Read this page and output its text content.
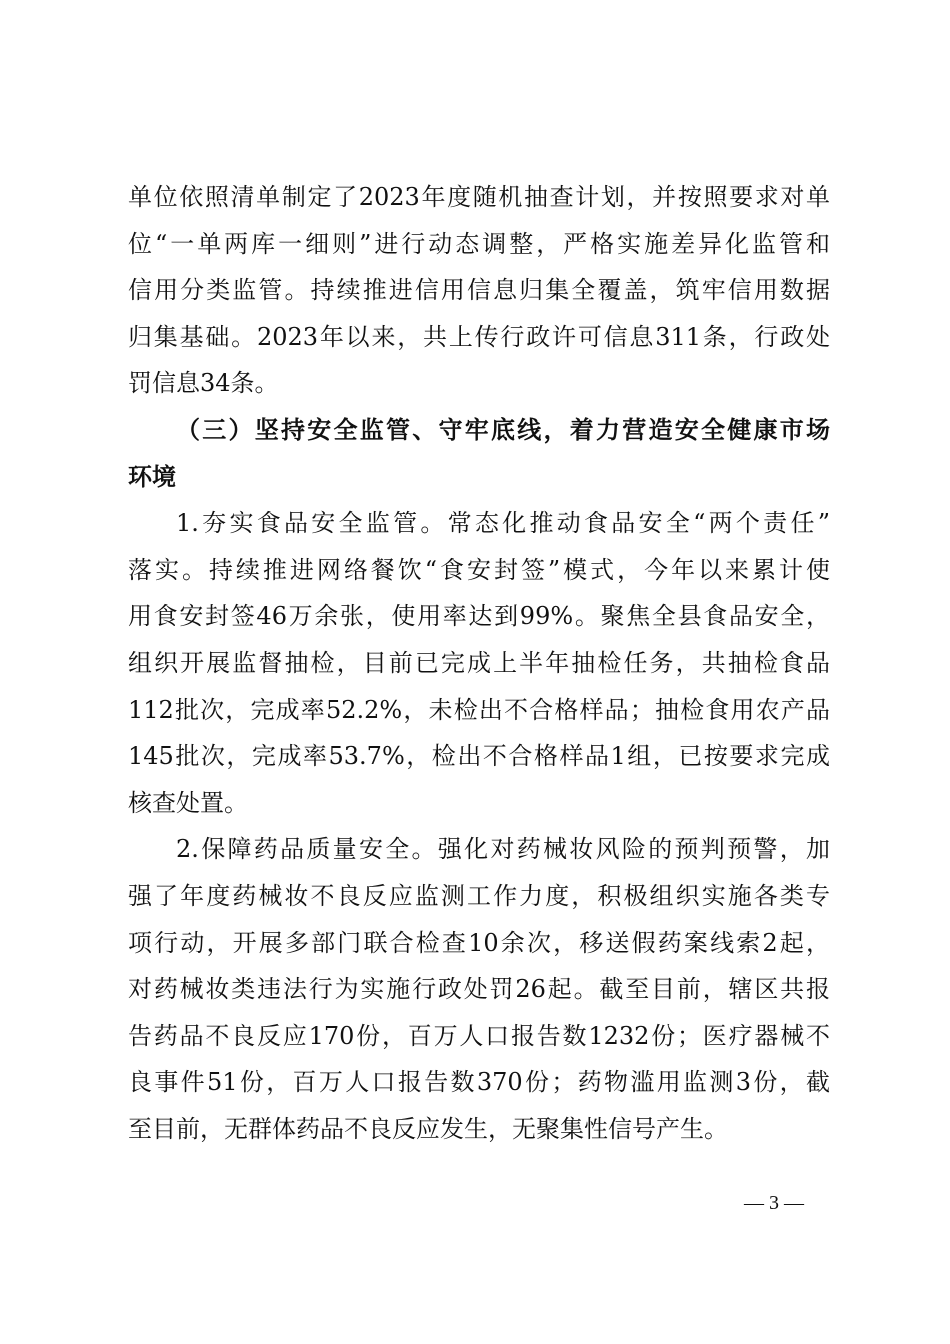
单位依照清单制定了2023年度随机抽查计划，并按照要求对单
位“一单两库一细则”进行动态调整，严格实施差异化监管和
信用分类监管。持续推进信用信息归集全覆盖，筑牢信用数据
归集基础。2023年以来，共上传行政许可信息311条，行政处
罚信息34条。
（三）坚持安全监管、守牢底线，着力营造安全健康市场
环境
1.夯实食品安全监管。常态化推动食品安全“两个责任”
落实。持续推进网络餐饮“食安封签”模式，今年以来累计使
用食安封签46万余张，使用率达到99%。聚焦全县食品安全，
组织开展监督抽检，目前已完成上半年抽检任务，共抽检食品
112批次，完成率52.2%，未检出不合格样品；抽检食用农产品
145批次，完成率53.7%，检出不合格样品1组，已按要求完成
核查处置。
2.保障药品质量安全。强化对药械妆风险的预判预警，加
强了年度药械妆不良反应监测工作力度，积极组织实施各类专
项行动，开展多部门联合检查10余次，移送假药案线索2起，
对药械妆类违法行为实施行政处罚26起。截至目前，辖区共报
告药品不良反应170份，百万人口报告数1232份；医疗器械不
良事件51份，百万人口报告数370份；药物滥用监测3份，截
至目前，无群体药品不良反应发生，无聚集性信号产生。
— 3 —
